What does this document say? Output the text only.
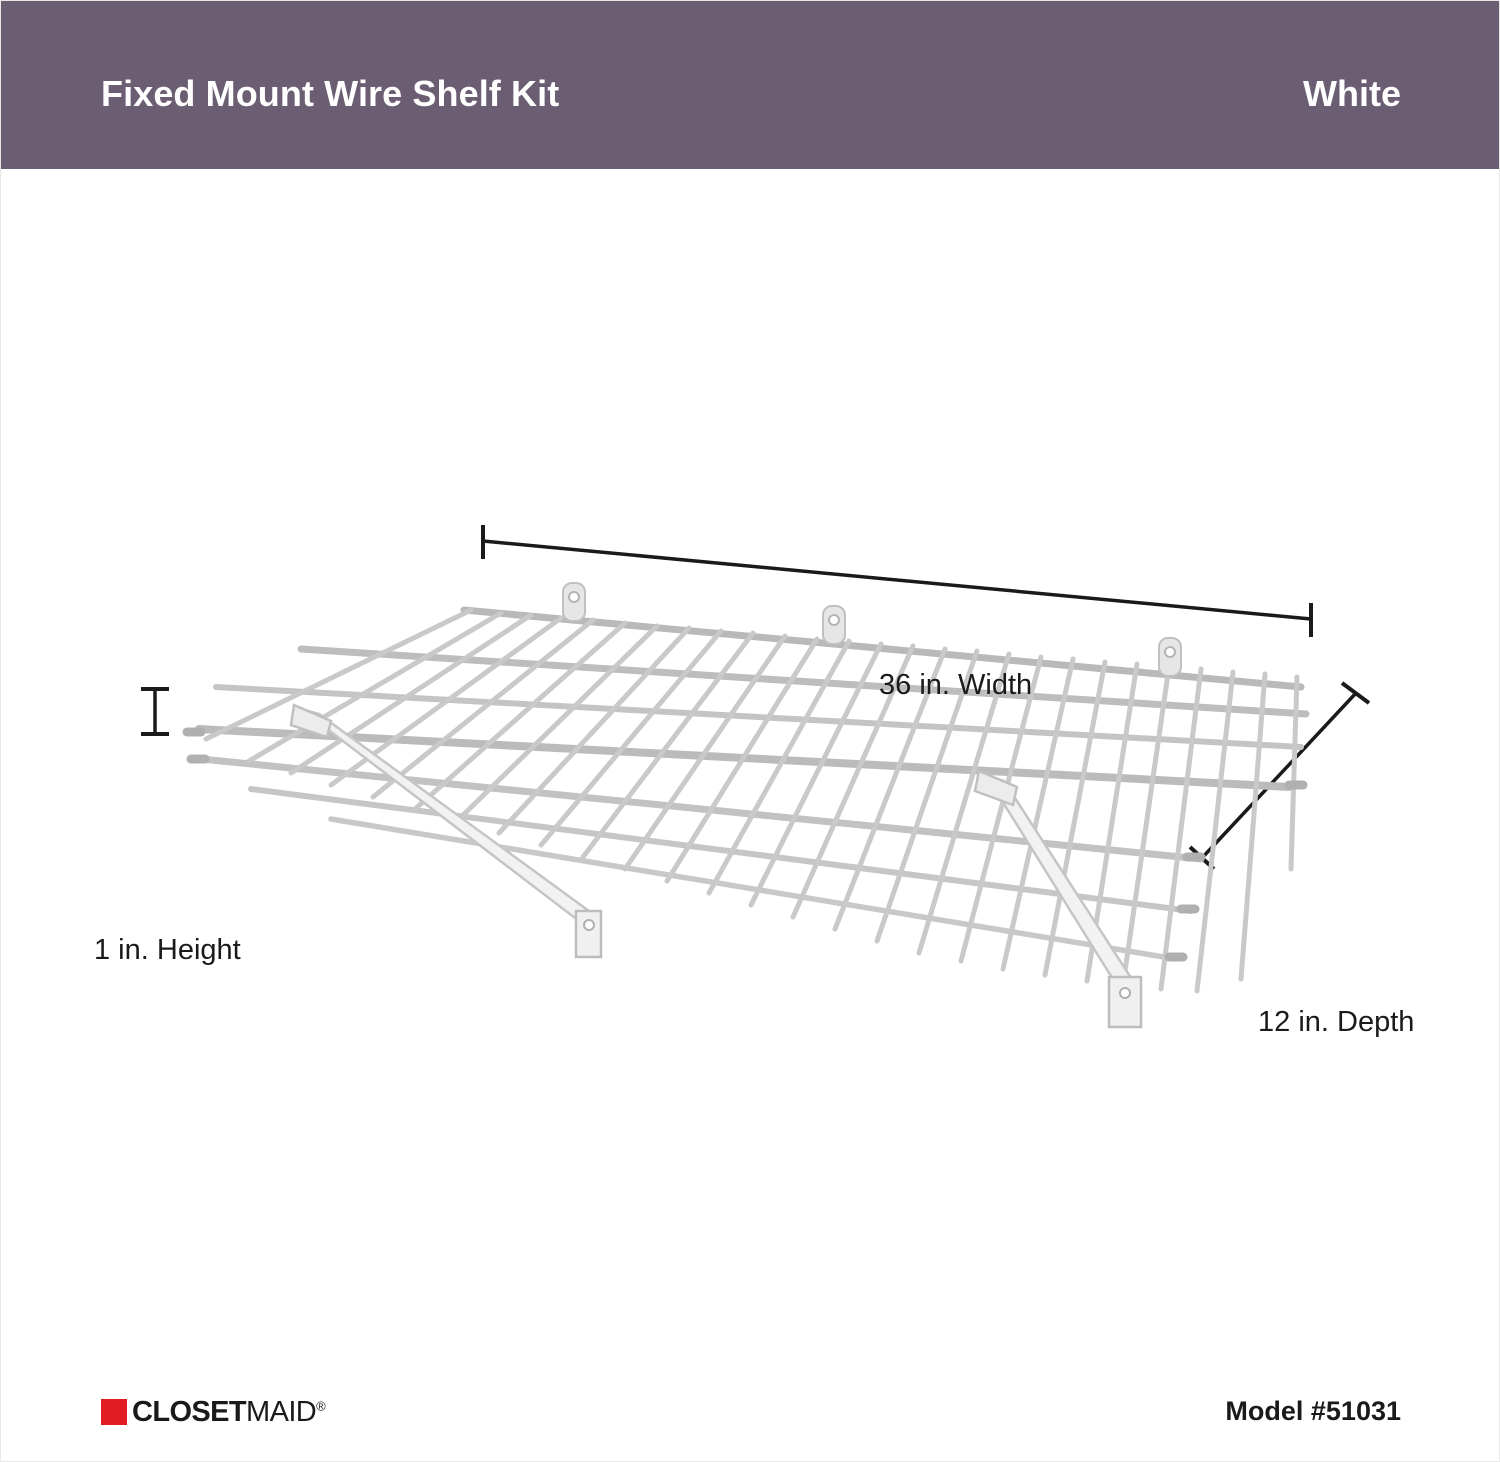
Fixed Mount Wire Shelf Kit	White
36 in. Width
1 in. Height
12 in. Depth
CLOSETMAID®	Model #51031
